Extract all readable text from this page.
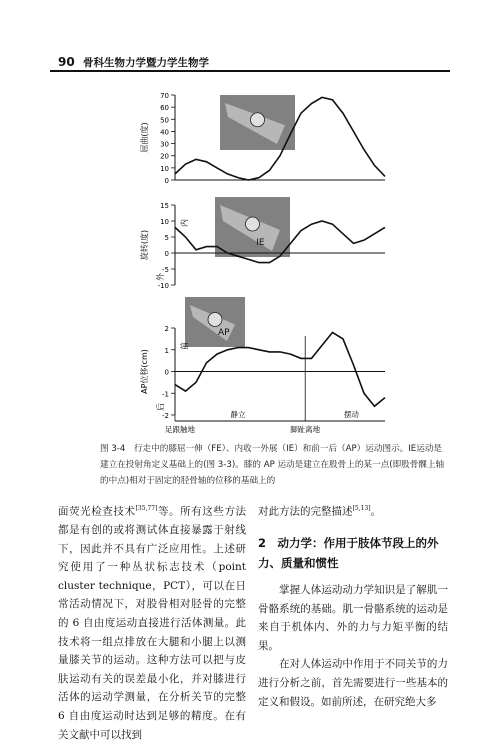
90 骨科生物力学暨力学生物学
70
60
50
40
30
20
10
0
屈曲(度)
IE
15
10
5
0
-5
-10
旋转(度)
内
外
AP
2
1
0
-1
-2
AP位移(cm)
前
后
足跟触地
静立
脚趾离地
摆动
图 3-4　行走中的膝屈一伸（FE）、内收一外展（IE）和前一后（AP）运动图示。IE运动是建立在投射角定义基础上的(图 3-3)。膝的 AP 运动是建立在股骨上的某一点(即股骨髁上轴的中点)相对于固定的胫骨轴的位移的基础上的

面荧光检查技术[35,77]等。所有这些方法都是有创的或将测试体直接暴露于射线下，因此并不具有广泛应用性。上述研究使用了一种丛状标志技术（point cluster technique，PCT），可以在日常活动情况下，对股骨相对胫骨的完整的 6 自由度运动直接进行活体测量。此技术将一组点排放在大腿和小腿上以测量膝关节的运动。这种方法可以把与皮肤运动有关的误差最小化，并对膝进行活体的运动学测量，在分析关节的完整 6 自由度运动时达到足够的精度。在有关文献中可以找到

对此方法的完整描述[5,13]。

2　动力学：作用于肢体节段上的外力、质量和惯性

掌握人体运动动力学知识是了解肌一骨骼系统的基础。肌一骨骼系统的运动是来自于机体内、外的力与力矩平衡的结果。

在对人体运动中作用于不同关节的力进行分析之前，首先需要进行一些基本的定义和假设。如前所述，在研究绝大多
